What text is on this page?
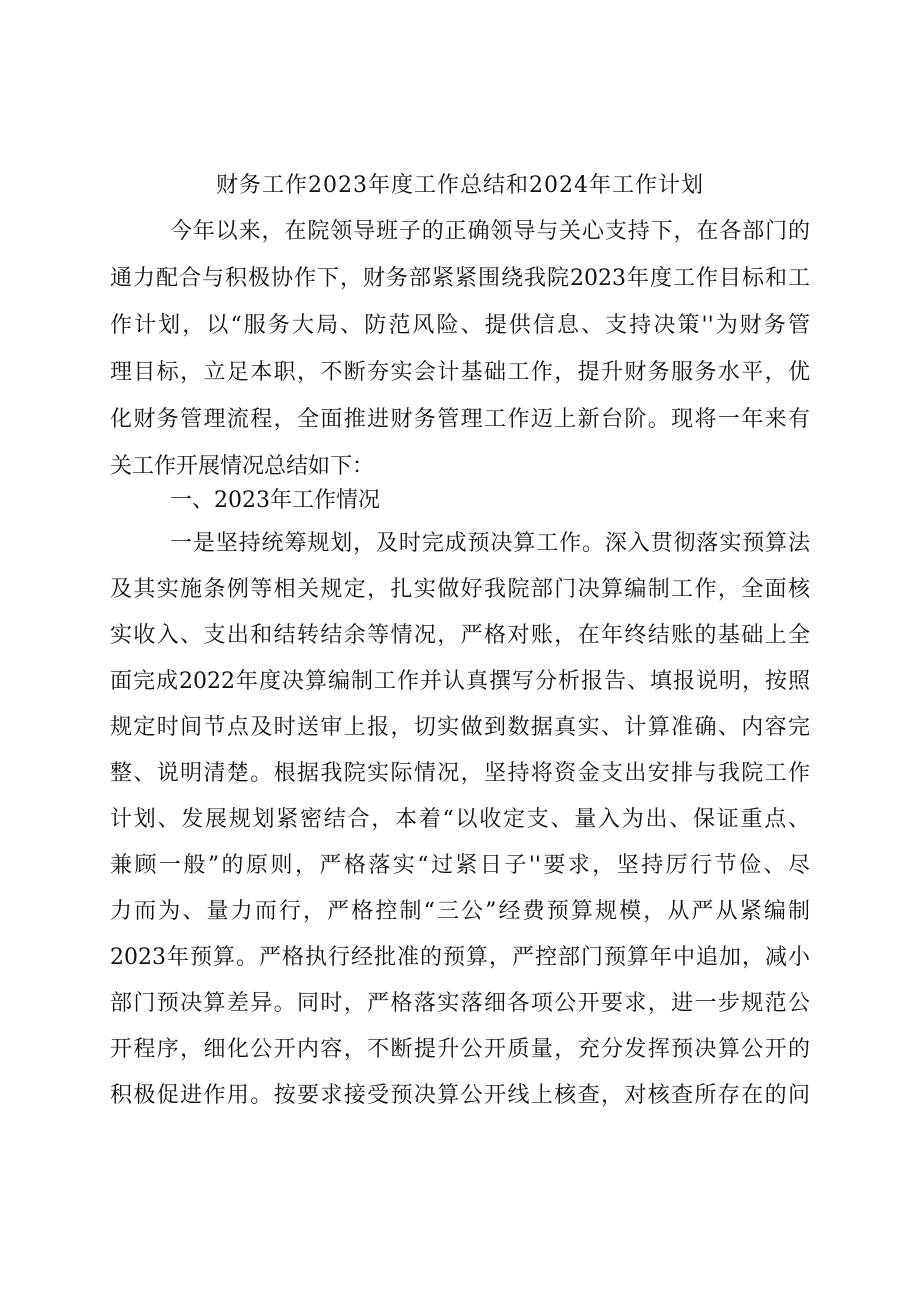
财务工作2023年度工作总结和2024年工作计划
今年以来，在院领导班子的正确领导与关心支持下，在各部门的
通力配合与积极协作下，财务部紧紧围绕我院2023年度工作目标和工
作计划，以“服务大局、防范风险、提供信息、支持决策''为财务管
理目标，立足本职，不断夯实会计基础工作，提升财务服务水平，优
化财务管理流程，全面推进财务管理工作迈上新台阶。现将一年来有
关工作开展情况总结如下：
一、2023年工作情况
一是坚持统筹规划，及时完成预决算工作。深入贯彻落实预算法
及其实施条例等相关规定，扎实做好我院部门决算编制工作，全面核
实收入、支出和结转结余等情况，严格对账，在年终结账的基础上全
面完成2022年度决算编制工作并认真撰写分析报告、填报说明，按照
规定时间节点及时送审上报，切实做到数据真实、计算准确、内容完
整、说明清楚。根据我院实际情况，坚持将资金支出安排与我院工作
计划、发展规划紧密结合，本着“以收定支、量入为出、保证重点、
兼顾一般”的原则，严格落实“过紧日子''要求，坚持厉行节俭、尽
力而为、量力而行，严格控制“三公”经费预算规模，从严从紧编制
2023年预算。严格执行经批准的预算，严控部门预算年中追加，减小
部门预决算差异。同时，严格落实落细各项公开要求，进一步规范公
开程序，细化公开内容，不断提升公开质量，充分发挥预决算公开的
积极促进作用。按要求接受预决算公开线上核查，对核查所存在的问
